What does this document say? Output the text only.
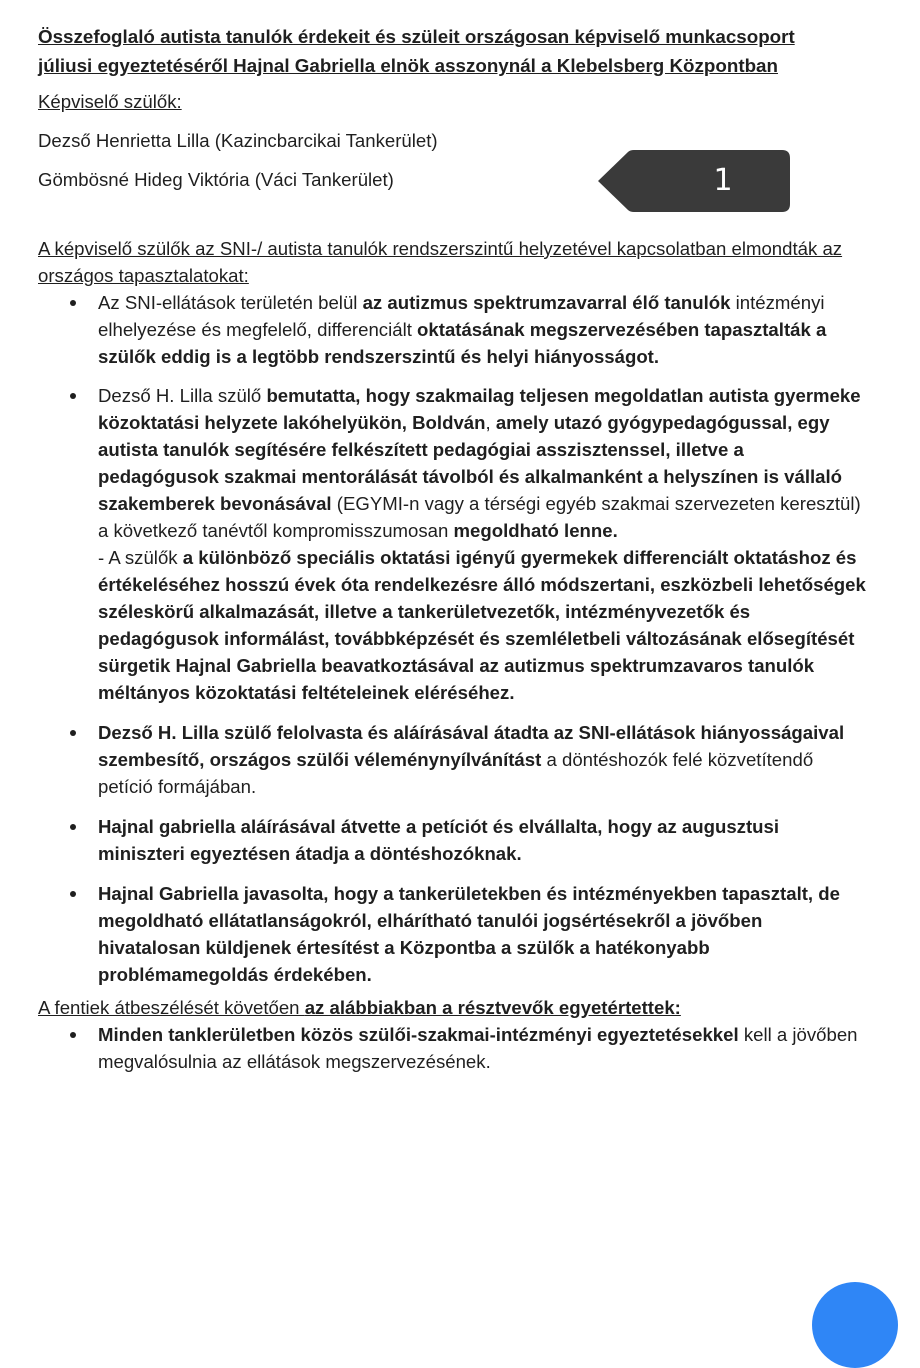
Összefoglaló autista tanulók érdekeit és szüleit országosan képviselő munkacsoport júliusi egyeztetéséről Hajnal Gabriella elnök asszonynál a Klebelsberg Központban

Képviselő szülők:

Dezső Henrietta Lilla (Kazincbarcikai Tankerület)

Gömbösné Hideg Viktória (Váci Tankerület)

A képviselő szülők az SNI-/ autista tanulók rendszerszintű helyzetével kapcsolatban elmondták az országos tapasztalatokat:

Az SNI-ellátások területén belül az autizmus spektrumzavarral élő tanulók intézményi elhelyezése és megfelelő, differenciált oktatásának megszervezésében tapasztalták a szülők eddig is a legtöbb rendszerszintű és helyi hiányosságot.
Dezső H. Lilla szülő bemutatta, hogy szakmailag teljesen megoldatlan autista gyermeke közoktatási helyzete lakóhelyükön, Boldván, amely utazó gyógypedagógussal, egy autista tanulók segítésére felkészített pedagógiai asszisztenssel, illetve a pedagógusok szakmai mentorálását távolból és alkalmanként a helyszínen is vállaló szakemberek bevonásával (EGYMI-n vagy a térségi egyéb szakmai szervezeten keresztül) a következő tanévtől kompromisszumosan megoldható lenne.
- A szülők a különböző speciális oktatási igényű gyermekek differenciált oktatáshoz és értékeléséhez hosszú évek óta rendelkezésre álló módszertani, eszközbeli lehetőségek széleskörű alkalmazását, illetve a tankerületvezetők, intézményvezetők és pedagógusok informálást, továbbképzését és szemléletbeli változásának elősegítését sürgetik Hajnal Gabriella beavatkoztásával az autizmus spektrumzavaros tanulók méltányos közoktatási feltételeinek eléréséhez.
Dezső H. Lilla szülő felolvasta és aláírásával átadta az SNI-ellátások hiányosságaival szembesítő, országos szülői véleménynyílvánítást a döntéshozók felé közvetítendő petíció formájában.
Hajnal gabriella aláírásával átvette a petíciót és elvállalta, hogy az augusztusi miniszteri egyeztésen átadja a döntéshozóknak.
Hajnal Gabriella javasolta, hogy a tankerületekben és intézményekben tapasztalt, de megoldható ellátatlanságokról, elhárítható tanulói jogsértésekről a jövőben hivatalosan küldjenek értesítést a Központba a szülők a hatékonyabb problémamegoldás érdekében.

A fentiek átbeszélését követően az alábbiakban a résztvevők egyetértettek:

Minden tanklerületben közös szülői-szakmai-intézményi egyeztetésekkel kell a jövőben megvalósulnia az ellátások megszervezésének.
1
